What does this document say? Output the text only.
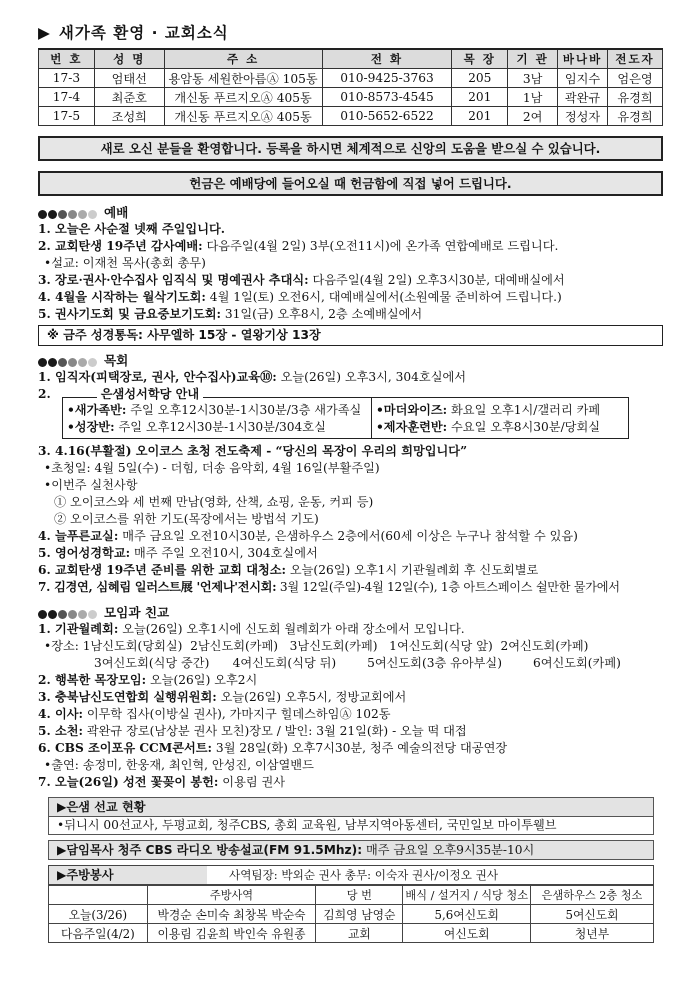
▶ 새가족 환영 · 교회소식
번 호	성 명	주 소	전 화	목 장	기 관	바나바	전도자
17-3	엄태선	용암동 세원한아름Ⓐ 105동	010-9425-3763	205	3남	임지수	엄은영
17-4	최준호	개신동 푸르지오Ⓐ 405동	010-8573-4545	201	1남	곽완규	유경희
17-5	조성희	개신동 푸르지오Ⓐ 405동	010-5652-6522	201	2여	정성자	유경희
새로 오신 분들을 환영합니다. 등록을 하시면 체계적으로 신앙의 도움을 받으실 수 있습니다.
헌금은 예배당에 들어오실 때 헌금함에 직접 넣어 드립니다.
예배
1. 오늘은 사순절 넷째 주일입니다.
2. 교회탄생 19주년 감사예배: 다음주일(4월 2일) 3부(오전11시)에 온가족 연합예배로 드립니다.
•설교: 이재천 목사(총회 총무)
3. 장로·권사·안수집사 임직식 및 명예권사 추대식: 다음주일(4월 2일) 오후3시30분, 대예배실에서
4. 4월을 시작하는 월삭기도회: 4월 1일(토) 오전6시, 대예배실에서(소원예물 준비하여 드립니다.)
5. 권사기도회 및 금요중보기도회: 31일(금) 오후8시, 2층 소예배실에서
※ 금주 성경통독: 사무엘하 15장 - 열왕기상 13장
목회
1. 임직자(피택장로, 권사, 안수집사)교육⑩: 오늘(26일) 오후3시, 304호실에서
2.	은샘성서학당 안내
•새가족반: 주일 오후12시30분-1시30분/3층 새가족실
•성장반: 주일 오후12시30분-1시30분/304호실
•마더와이즈: 화요일 오후1시/갤러리 카페
•제자훈련반: 수요일 오후8시30분/당회실
3. 4.16(부활절) 오이코스 초청 전도축제 - “당신의 목장이 우리의 희망입니다”
•초청일: 4월 5일(수) - 더힘, 더송 음악회, 4월 16일(부활주일)
•이번주 실천사항
① 오이코스와 세 번째 만남(영화, 산책, 쇼핑, 운동, 커피 등)
② 오이코스를 위한 기도(목장에서는 방법석 기도)
4. 늘푸른교실: 매주 금요일 오전10시30분, 은샘하우스 2층에서(60세 이상은 누구나 참석할 수 있음)
5. 영어성경학교: 매주 주일 오전10시, 304호실에서
6. 교회탄생 19주년 준비를 위한 교회 대청소: 오늘(26일) 오후1시 기관월례회 후 신도회별로
7. 김경연, 심혜림 일러스트展 '언제나'전시회: 3월 12일(주일)-4월 12일(수), 1층 아트스페이스 쉴만한 물가에서
모임과 친교
1. 기관월례회: 오늘(26일) 오후1시에 신도회 월례회가 아래 장소에서 모입니다.
•장소: 1남신도회(당회실)  2남신도회(카페)   3남신도회(카페)   1여신도회(식당 앞)  2여신도회(카페)
3여신도회(식당 중간)      4여신도회(식당 뒤)        5여신도회(3층 유아부실)        6여신도회(카페)
2. 행복한 목장모임: 오늘(26일) 오후2시
3. 충북남신도연합회 실행위원회: 오늘(26일) 오후5시, 정방교회에서
4. 이사: 이무학 집사(이방실 권사), 가마지구 힐데스하임Ⓐ 102동
5. 소천: 곽완규 장로(남상분 권사 모친)장모 / 발인: 3월 21일(화) - 오늘 떡 대접
6. CBS 조이포유 CCM콘서트: 3월 28일(화) 오후7시30분, 청주 예술의전당 대공연장
•출연: 송정미, 한웅재, 최인혁, 안성진, 이삼열밴드
7. 오늘(26일) 성전 꽃꽂이 봉헌: 이용림 권사
▶은샘 선교 현황
•뒤니시 00선교사, 두평교회, 청주CBS, 총회 교육원, 남부지역아동센터, 국민일보 마이투웰브
▶담임목사 청주 CBS 라디오 방송설교(FM 91.5Mhz): 매주 금요일 오후9시35분-10시
▶주방봉사	사역팀장: 박외순 권사 총무: 이숙자 권사/이정오 권사
	주방사역	당 번	배식 / 설거지 / 식당 청소	은샘하우스 2층 청소
오늘(3/26)	박경순 손미숙 최창복 박순숙	김희영 남영순	5,6여신도회	5여신도회
다음주일(4/2)	이용림 김윤희 박인숙 유원종	교회	여신도회	청년부
